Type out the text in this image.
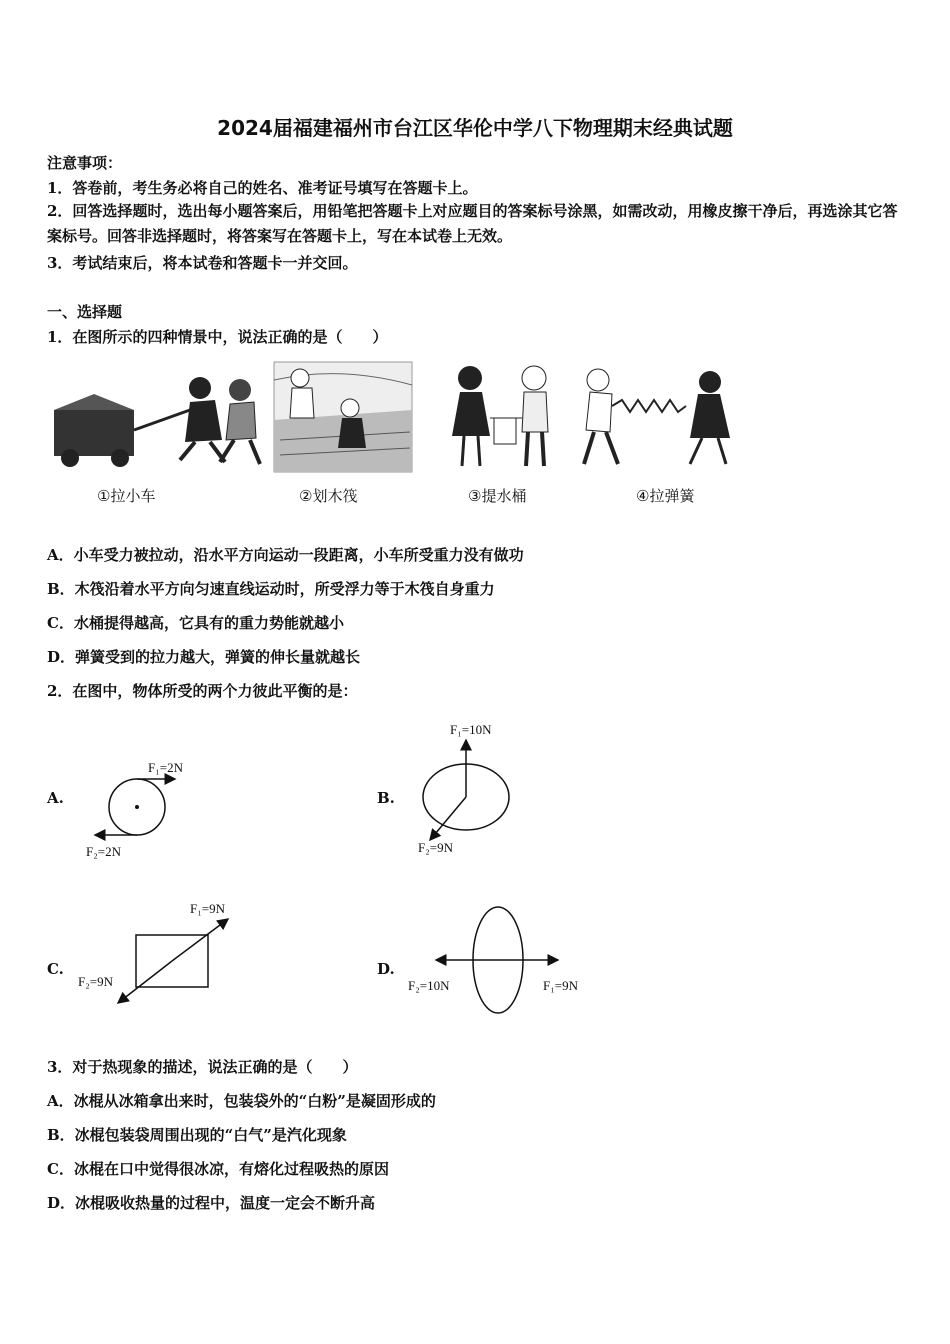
2024届福建福州市台江区华伦中学八下物理期末经典试题
注意事项：
1．答卷前，考生务必将自己的姓名、准考证号填写在答题卡上。
2．回答选择题时，选出每小题答案后，用铅笔把答题卡上对应题目的答案标号涂黑，如需改动，用橡皮擦干净后，再选涂其它答案标号。回答非选择题时，将答案写在答题卡上，写在本试卷上无效。
3．考试结束后，将本试卷和答题卡一并交回。
一、选择题
1．在图所示的四种情景中，说法正确的是（　　）
①拉小车	②划木筏	③提水桶	④拉弹簧
A．小车受力被拉动，沿水平方向运动一段距离，小车所受重力没有做功
B．木筏沿着水平方向匀速直线运动时，所受浮力等于木筏自身重力
C．水桶提得越高，它具有的重力势能就越小
D．弹簧受到的拉力越大，弹簧的伸长量就越长
2．在图中，物体所受的两个力彼此平衡的是：
A.
F₁=2N
F₂=2N
B.
F₁=10N
F₂=9N
C.
F₁=9N
F₂=9N
D.
F₂=10N	F₁=9N
3．对于热现象的描述，说法正确的是（　　）
A．冰棍从冰箱拿出来时，包装袋外的“白粉”是凝固形成的
B．冰棍包装袋周围出现的“白气”是汽化现象
C．冰棍在口中觉得很冰凉，有熔化过程吸热的原因
D．冰棍吸收热量的过程中，温度一定会不断升高
